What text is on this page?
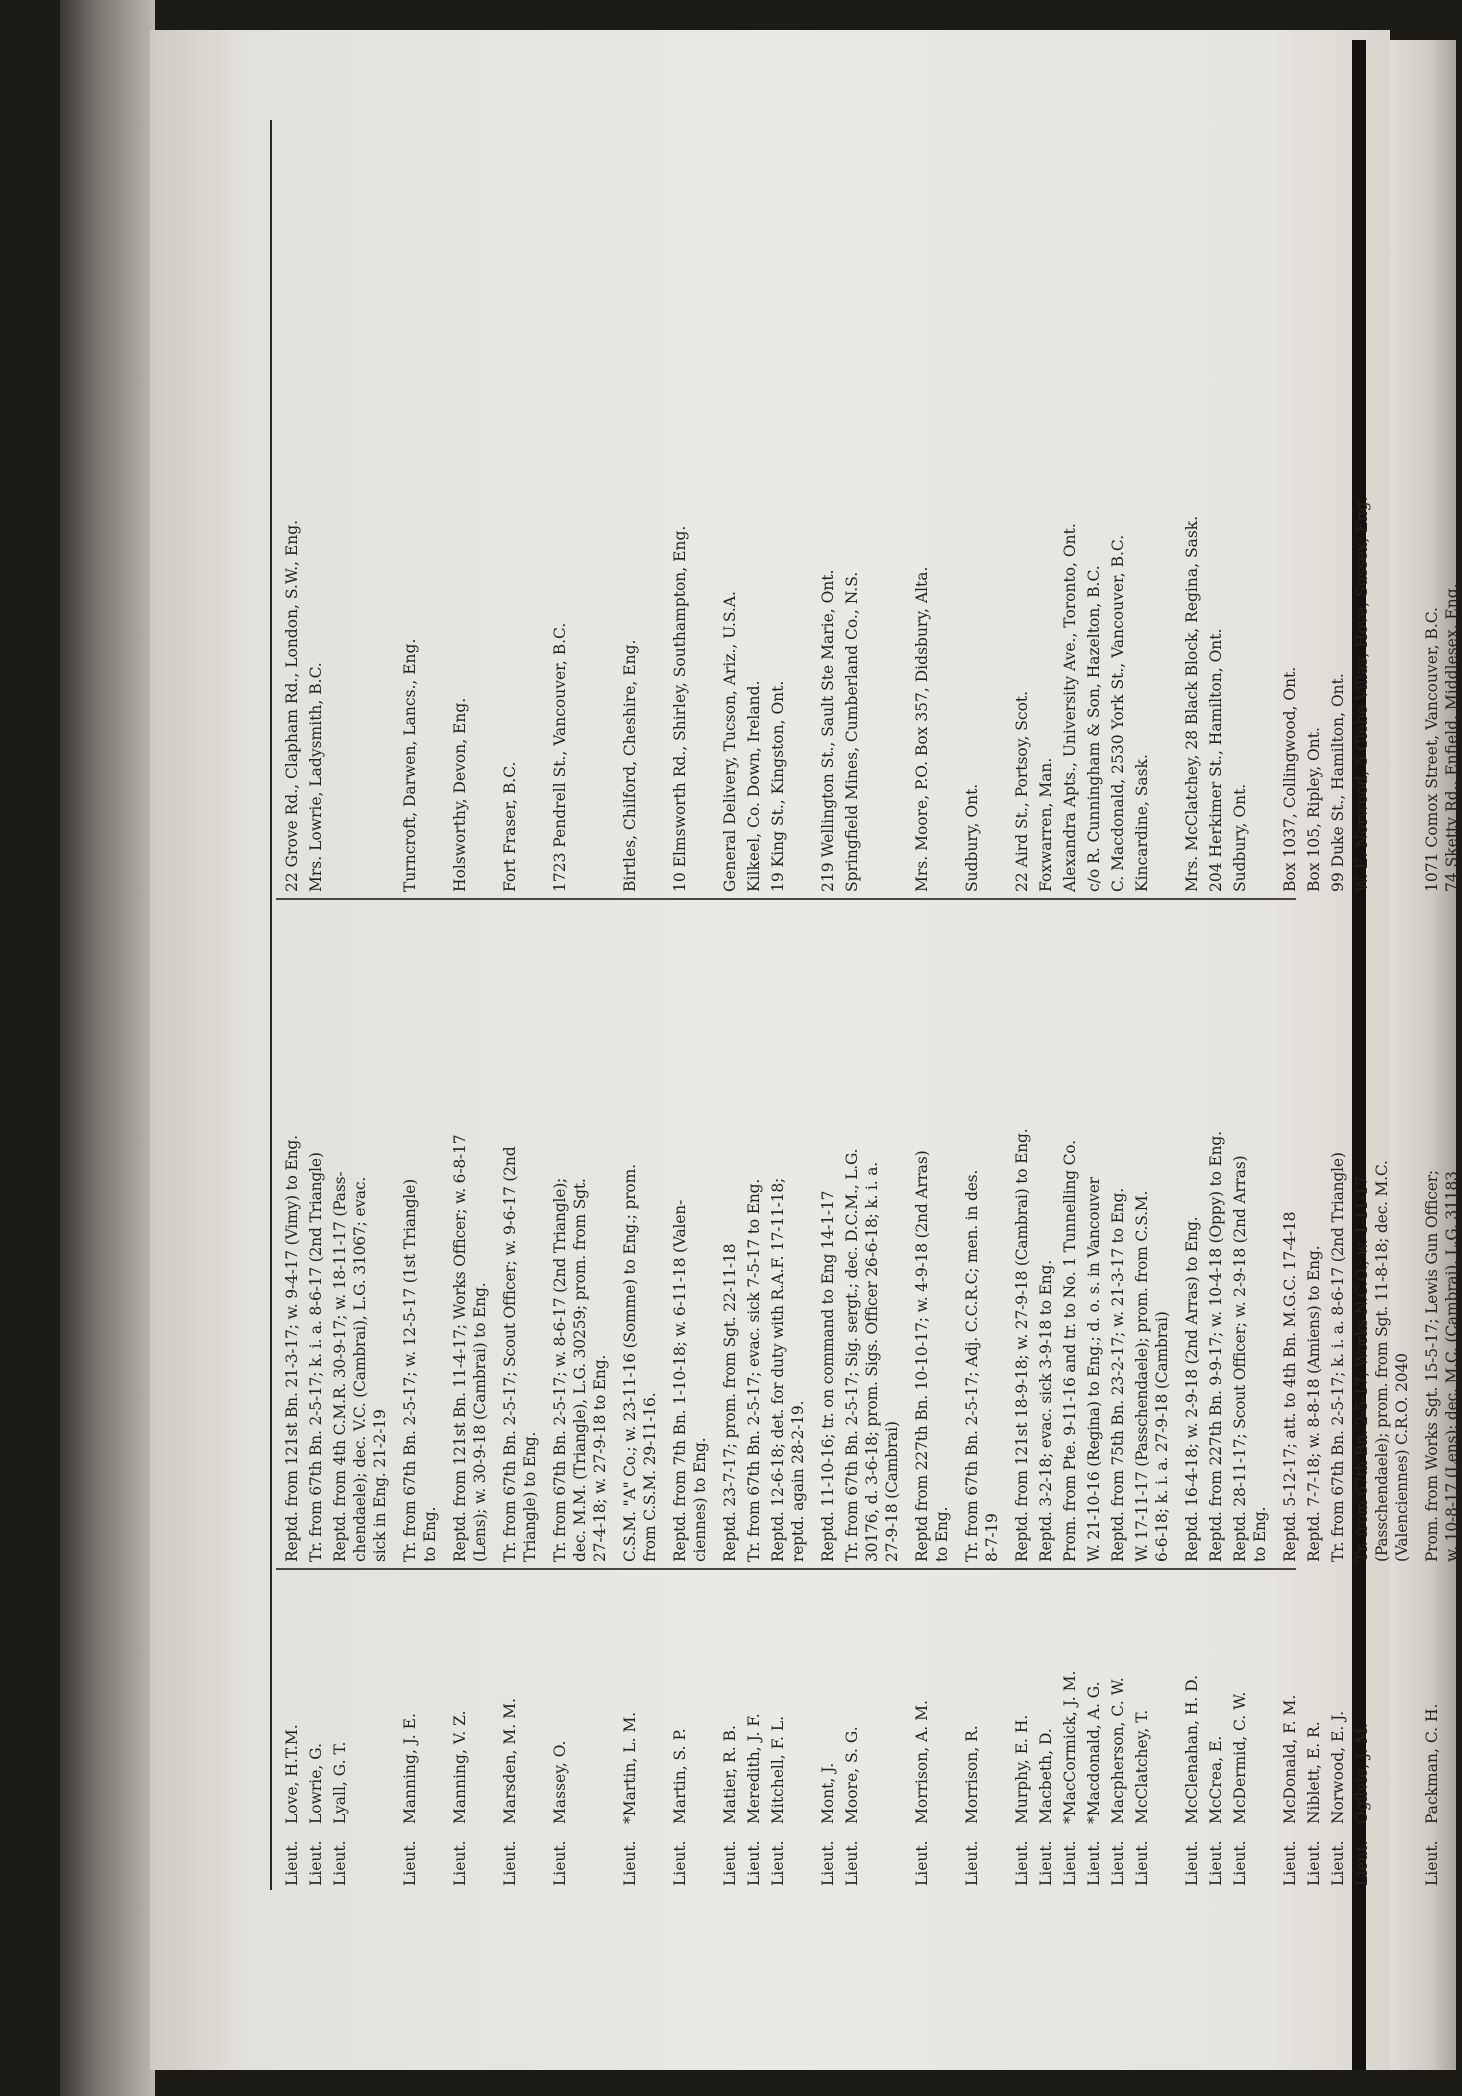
Lieut.
Love, H.T.M.
Reptd. from 121st Bn. 21-3-17; w. 9-4-17 (Vimy) to Eng.
22 Grove Rd., Clapham Rd., London, S.W., Eng.
Lieut.
Lowrie, G.
Tr. from 67th Bn. 2-5-17; k. i. a. 8-6-17 (2nd Triangle)
Mrs. Lowrie, Ladysmith, B.C.
Lieut.
Lyall, G. T.
Reptd. from 4th C.M.R. 30-9-17; w. 18-11-17 (Pass- chendaele); dec. V.C. (Cambrai), L.G. 31067; evac. sick in Eng. 21-2-19
Lieut.
Manning, J. E.
Tr. from 67th Bn. 2-5-17; w. 12-5-17 (1st Triangle) to Eng.
Turncroft, Darwen, Lancs., Eng.
Lieut.
Manning, V. Z.
Reptd. from 121st Bn. 11-4-17; Works Officer; w. 6-8-17 (Lens); w. 30-9-18 (Cambrai) to Eng.
Holsworthy, Devon, Eng.
Lieut.
Marsden, M. M.
Tr. from 67th Bn. 2-5-17; Scout Officer; w. 9-6-17 (2nd Triangle) to Eng.
Fort Fraser, B.C.
Lieut.
Massey, O.
Tr. from 67th Bn. 2-5-17; w. 8-6-17 (2nd Triangle); dec. M.M. (Triangle), L.G. 30259; prom. from Sgt. 27-4-18; w. 27-9-18 to Eng.
1723 Pendrell St., Vancouver, B.C.
Lieut.
*Martin, L. M.
C.S.M. "A" Co.; w. 23-11-16 (Somme) to Eng.; prom. from C.S.M. 29-11-16.
Birtles, Chilford, Cheshire, Eng.
Lieut.
Martin, S. P.
Reptd. from 7th Bn. 1-10-18; w. 6-11-18 (Valen- ciennes) to Eng.
10 Elmsworth Rd., Shirley, Southampton, Eng.
Lieut.
Matier, R. B.
Reptd. 23-7-17; prom. from Sgt. 22-11-18
General Delivery, Tucson, Ariz., U.S.A.
Lieut.
Meredith, J. F.
Tr. from 67th Bn. 2-5-17; evac. sick 7-5-17 to Eng.
Kilkeel, Co. Down, Ireland.
Lieut.
Mitchell, F. L.
Reptd. 12-6-18; det. for duty with R.A.F. 17-11-18; reptd. again 28-2-19.
19 King St., Kingston, Ont.
Lieut.
Mont, J.
Reptd. 11-10-16; tr. on command to Eng 14-1-17
219 Wellington St., Sault Ste Marie, Ont.
Lieut.
Moore, S. G.
Tr. from 67th Bn. 2-5-17; Sig. sergt.; dec. D.C.M., L.G. 30176, d. 3-6-18; prom. Sigs. Officer 26-6-18; k. i. a. 27-9-18 (Cambrai)
Springfield Mines, Cumberland Co., N.S.
Lieut.
Morrison, A. M.
Reptd from 227th Bn. 10-10-17; w. 4-9-18 (2nd Arras) to Eng.
Mrs. Moore, P.O. Box 357, Didsbury, Alta.
Lieut.
Morrison, R.
Tr. from 67th Bn. 2-5-17; Adj. C.C.R.C; men. in des. 8-7-19
Sudbury, Ont.
Lieut.
Murphy, E. H.
Reptd. from 121st 18-9-18; w. 27-9-18 (Cambrai) to Eng.
22 Aird St., Portsoy, Scot.
Lieut.
Macbeth, D.
Reptd. 3-2-18; evac. sick 3-9-18 to Eng.
Foxwarren, Man.
Lieut.
*MacCormick, J. M.
Prom. from Pte. 9-11-16 and tr. to No. 1 Tunnelling Co.
Alexandra Apts., University Ave., Toronto, Ont.
Lieut.
*Macdonald, A. G.
W. 21-10-16 (Regina) to Eng.; d. o. s. in Vancouver
c/o R. Cunningham & Son, Hazelton, B.C.
Lieut.
Macpherson, C. W.
Reptd. from 75th Bn. 23-2-17; w. 21-3-17 to Eng.
C. Macdonald, 2530 York St., Vancouver, B.C.
Lieut.
McClatchey, T.
W. 17-11-17 (Passchendaele); prom. from C.S.M. 6-6-18; k. i. a. 27-9-18 (Cambrai)
Kincardine, Sask.
Lieut.
McClenahan, H. D.
Reptd. 16-4-18; w. 2-9-18 (2nd Arras) to Eng.
Mrs. McClatchey, 28 Black Block, Regina, Sask.
Lieut.
McCrea, E.
Reptd. from 227th Bn. 9-9-17; w. 10-4-18 (Oppy) to Eng.
204 Herkimer St., Hamilton, Ont.
Lieut.
McDermid, C. W.
Reptd. 28-11-17; Scout Officer; w. 2-9-18 (2nd Arras) to Eng.
Sudbury, Ont.
Lieut.
McDonald, F. M.
Reptd. 5-12-17; att. to 4th Bn. M.G.C. 17-4-18
Box 1037, Collingwood, Ont.
Lieut.
Niblett, E. R.
Reptd. 7-7-18; w. 8-8-18 (Amiens) to Eng.
Box 105, Ripley, Ont.
Lieut.
Norwood, E. J.
Tr. from 67th Bn. 2-5-17; k. i. a. 8-6-17 (2nd Triangle)
99 Duke St., Hamilton, Ont.
Lieut.
Ogilvie, J. M.
Tr. from 67th Bn. 2-5-17; Works N.C.O.; w. 1-11-17 (Passchendaele); prom. from Sgt. 11-8-18; dec. M.C. (Valenciennes) C.R.O. 2040
W. E. Norwood, 5 Glebe Villas, Hove, Sussex, Eng.
Lieut.
Packman, C. H.
Prom. from Works Sgt. 15-5-17; Lewis Gun Officer; w. 10-8-17 (Lens); dec. M.C. (Cambrai), L.G. 31183
1071 Comox Street, Vancouver, B.C. 74 Sketty Rd., Enfield, Middlesex, Eng.
